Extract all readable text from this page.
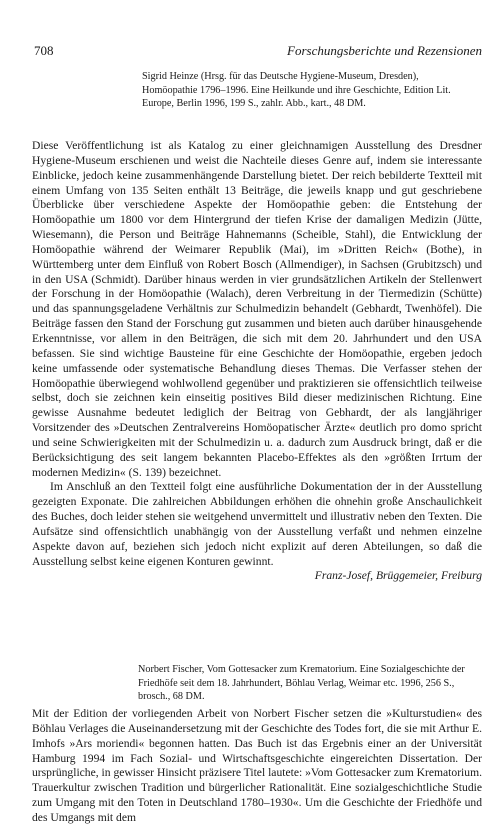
708	Forschungsberichte und Rezensionen
Sigrid Heinze (Hrsg. für das Deutsche Hygiene-Museum, Dresden), Homöopathie 1796–1996. Eine Heilkunde und ihre Geschichte, Edition Lit. Europe, Berlin 1996, 199 S., zahlr. Abb., kart., 48 DM.

Diese Veröffentlichung ist als Katalog zu einer gleichnamigen Ausstellung des Dresdner Hygiene-Museum erschienen und weist die Nachteile dieses Genre auf, indem sie interessante Einblicke, jedoch keine zusammenhängende Darstellung bietet. Der reich bebilderte Textteil mit einem Umfang von 135 Seiten enthält 13 Beiträge, die jeweils knapp und gut geschriebene Überblicke über verschiedene Aspekte der Homöopathie geben: die Entstehung der Homöopathie um 1800 vor dem Hintergrund der tiefen Krise der damaligen Medizin (Jütte, Wiesemann), die Person und Beiträge Hahnemanns (Scheible, Stahl), die Entwicklung der Homöopathie während der Weimarer Republik (Mai), im »Dritten Reich« (Bothe), in Württemberg unter dem Einfluß von Robert Bosch (Allmendiger), in Sachsen (Grubitzsch) und in den USA (Schmidt). Darüber hinaus werden in vier grundsätzlichen Artikeln der Stellenwert der Forschung in der Homöopathie (Walach), deren Verbreitung in der Tiermedizin (Schütte) und das spannungsgeladene Verhältnis zur Schulmedizin behandelt (Gebhardt, Twenhöfel). Die Beiträge fassen den Stand der Forschung gut zusammen und bieten auch darüber hinausgehende Erkenntnisse, vor allem in den Beiträgen, die sich mit dem 20. Jahrhundert und den USA befassen. Sie sind wichtige Bausteine für eine Geschichte der Homöopathie, ergeben jedoch keine umfassende oder systematische Behandlung dieses Themas. Die Verfasser stehen der Homöopathie überwiegend wohlwollend gegenüber und praktizieren sie offensichtlich teilweise selbst, doch sie zeichnen kein einseitig positives Bild dieser medizinischen Richtung. Eine gewisse Ausnahme bedeutet lediglich der Beitrag von Gebhardt, der als langjähriger Vorsitzender des »Deutschen Zentralvereins Homöopatischer Ärzte« deutlich pro domo spricht und seine Schwierigkeiten mit der Schulmedizin u. a. dadurch zum Ausdruck bringt, daß er die Berücksichtigung des seit langem bekannten Placebo-Effektes als den »größten Irrtum der modernen Medizin« (S. 139) bezeichnet.

Im Anschluß an den Textteil folgt eine ausführliche Dokumentation der in der Ausstellung gezeigten Exponate. Die zahlreichen Abbildungen erhöhen die ohnehin große Anschaulichkeit des Buches, doch leider stehen sie weitgehend unvermittelt und illustrativ neben den Texten. Die Aufsätze sind offensichtlich unabhängig von der Ausstellung verfaßt und nehmen einzelne Aspekte davon auf, beziehen sich jedoch nicht explizit auf deren Abteilungen, so daß die Ausstellung selbst keine eigenen Konturen gewinnt.

Franz-Josef, Brüggemeier, Freiburg

Norbert Fischer, Vom Gottesacker zum Krematorium. Eine Sozialgeschichte der Friedhöfe seit dem 18. Jahrhundert, Böhlau Verlag, Weimar etc. 1996, 256 S., brosch., 68 DM.

Mit der Edition der vorliegenden Arbeit von Norbert Fischer setzen die »Kulturstudien« des Böhlau Verlages die Auseinandersetzung mit der Geschichte des Todes fort, die sie mit Arthur E. Imhofs »Ars moriendi« begonnen hatten. Das Buch ist das Ergebnis einer an der Universität Hamburg 1994 im Fach Sozial- und Wirtschaftsgeschichte eingereichten Dissertation. Der ursprüngliche, in gewisser Hinsicht präzisere Titel lautete: »Vom Gottesacker zum Krematorium. Trauerkultur zwischen Tradition und bürgerlicher Rationalität. Eine sozialgeschichtliche Studie zum Umgang mit den Toten in Deutschland 1780–1930«. Um die Geschichte der Friedhöfe und des Umgangs mit dem
